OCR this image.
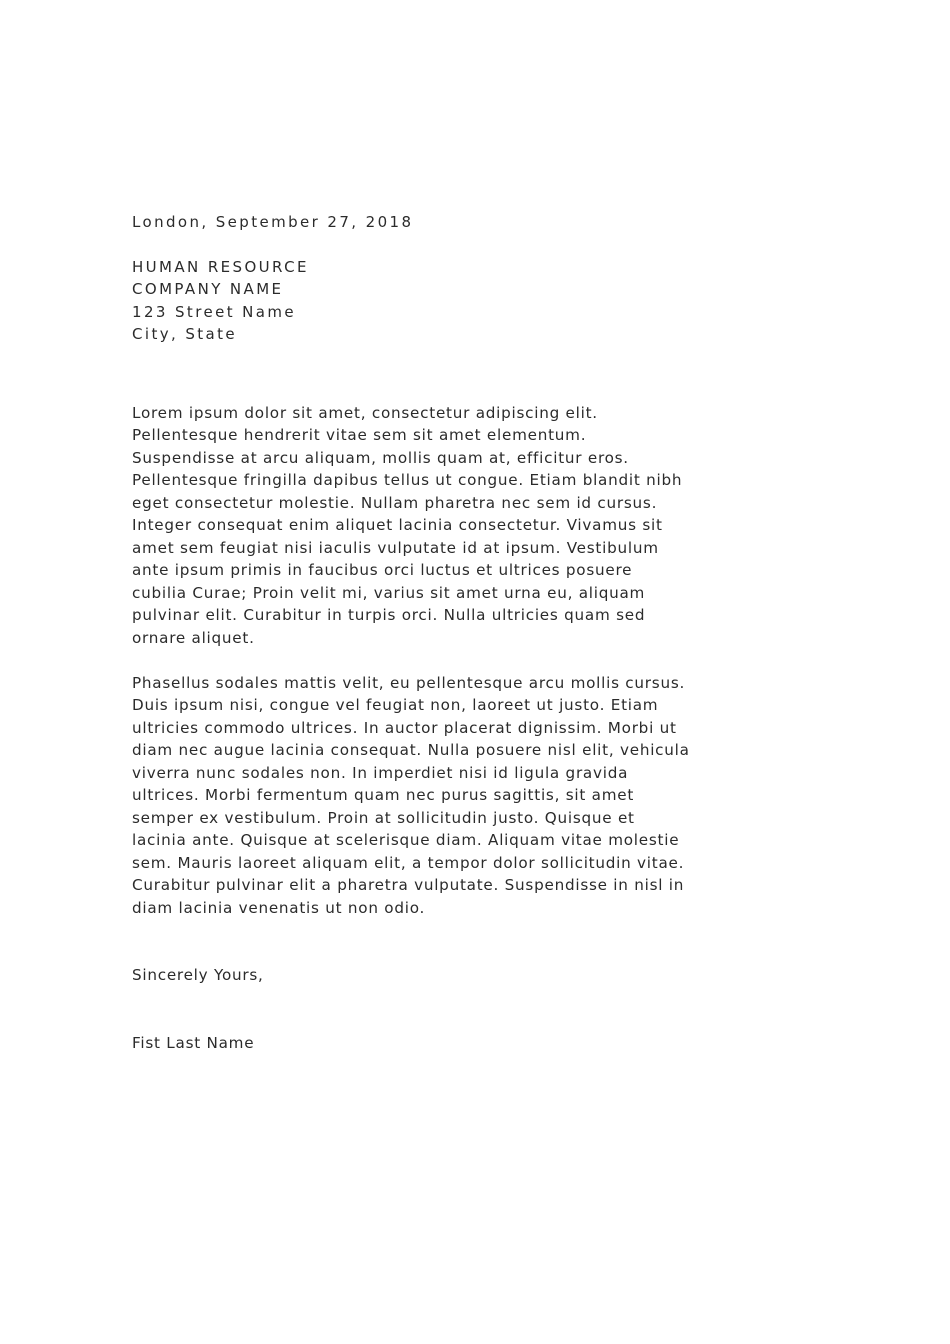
London, September 27, 2018

HUMAN RESOURCE
COMPANY NAME
123 Street Name
City, State

Lorem ipsum dolor sit amet, consectetur adipiscing elit.
Pellentesque hendrerit vitae sem sit amet elementum.
Suspendisse at arcu aliquam, mollis quam at, efficitur eros.
Pellentesque fringilla dapibus tellus ut congue. Etiam blandit nibh
eget consectetur molestie. Nullam pharetra nec sem id cursus.
Integer consequat enim aliquet lacinia consectetur. Vivamus sit
amet sem feugiat nisi iaculis vulputate id at ipsum. Vestibulum
ante ipsum primis in faucibus orci luctus et ultrices posuere
cubilia Curae; Proin velit mi, varius sit amet urna eu, aliquam
pulvinar elit. Curabitur in turpis orci. Nulla ultricies quam sed
ornare aliquet.

Phasellus sodales mattis velit, eu pellentesque arcu mollis cursus.
Duis ipsum nisi, congue vel feugiat non, laoreet ut justo. Etiam
ultricies commodo ultrices. In auctor placerat dignissim. Morbi ut
diam nec augue lacinia consequat. Nulla posuere nisl elit, vehicula
viverra nunc sodales non. In imperdiet nisi id ligula gravida
ultrices. Morbi fermentum quam nec purus sagittis, sit amet
semper ex vestibulum. Proin at sollicitudin justo. Quisque et
lacinia ante. Quisque at scelerisque diam. Aliquam vitae molestie
sem. Mauris laoreet aliquam elit, a tempor dolor sollicitudin vitae.
Curabitur pulvinar elit a pharetra vulputate. Suspendisse in nisl in
diam lacinia venenatis ut non odio.

Sincerely Yours,

Fist Last Name
